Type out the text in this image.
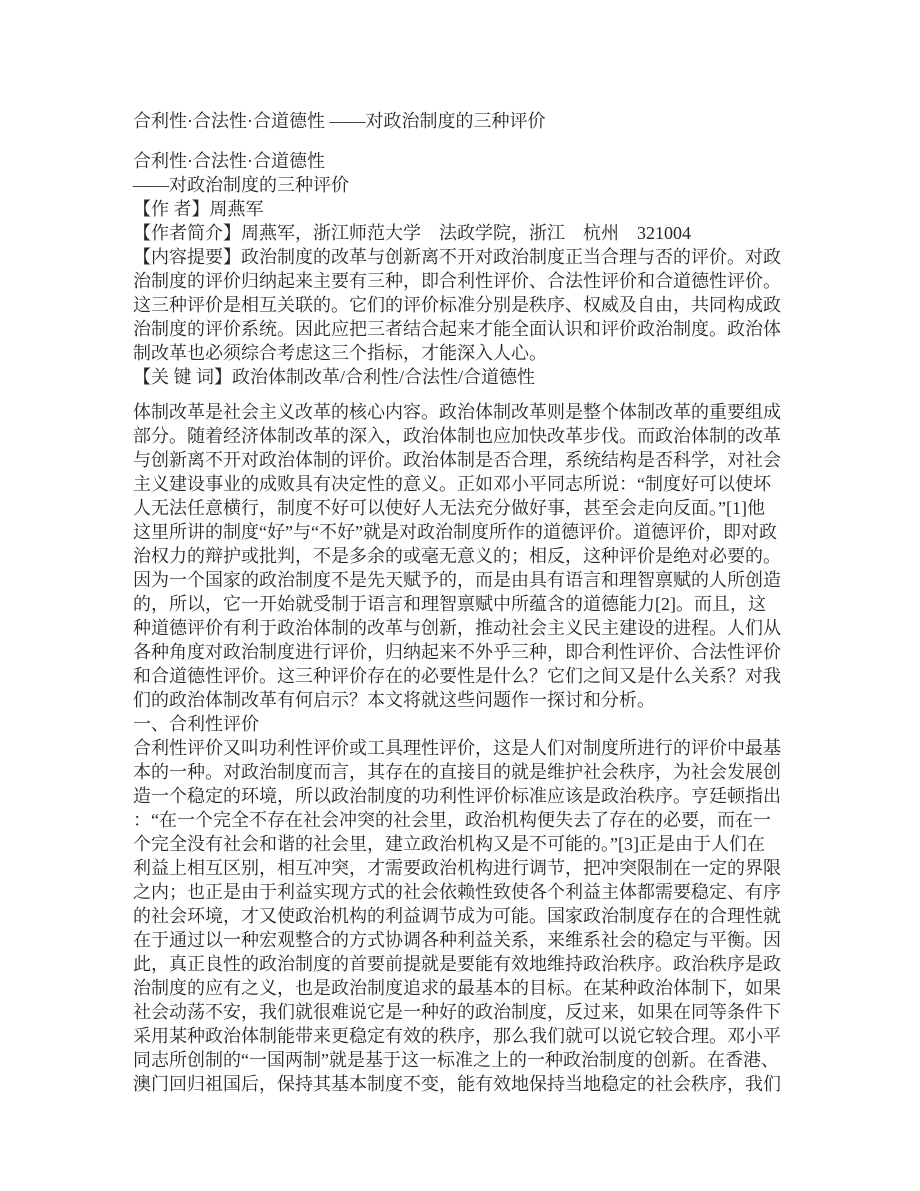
合利性·合法性·合道德性 ——对政治制度的三种评价
合利性·合法性·合道德性
——对政治制度的三种评价
【作 者】周燕军
【作者简介】周燕军，浙江师范大学　法政学院，浙江　杭州　321004
【内容提要】政治制度的改革与创新离不开对政治制度正当合理与否的评价。对政
治制度的评价归纳起来主要有三种，即合利性评价、合法性评价和合道德性评价。
这三种评价是相互关联的。它们的评价标准分别是秩序、权威及自由，共同构成政
治制度的评价系统。因此应把三者结合起来才能全面认识和评价政治制度。政治体
制改革也必须综合考虑这三个指标，才能深入人心。
【关 键 词】政治体制改革/合利性/合法性/合道德性
体制改革是社会主义改革的核心内容。政治体制改革则是整个体制改革的重要组成
部分。随着经济体制改革的深入，政治体制也应加快改革步伐。而政治体制的改革
与创新离不开对政治体制的评价。政治体制是否合理，系统结构是否科学，对社会
主义建设事业的成败具有决定性的意义。正如邓小平同志所说：“制度好可以使坏
人无法任意横行，制度不好可以使好人无法充分做好事，甚至会走向反面。”[1]他
这里所讲的制度“好”与“不好”就是对政治制度所作的道德评价。道德评价，即对政
治权力的辩护或批判，不是多余的或毫无意义的；相反，这种评价是绝对必要的。
因为一个国家的政治制度不是先天赋予的，而是由具有语言和理智禀赋的人所创造
的，所以，它一开始就受制于语言和理智禀赋中所蕴含的道德能力[2]。而且，这
种道德评价有利于政治体制的改革与创新，推动社会主义民主建设的进程。人们从
各种角度对政治制度进行评价，归纳起来不外乎三种，即合利性评价、合法性评价
和合道德性评价。这三种评价存在的必要性是什么？它们之间又是什么关系？对我
们的政治体制改革有何启示？本文将就这些问题作一探讨和分析。
一、合利性评价
合利性评价又叫功利性评价或工具理性评价，这是人们对制度所进行的评价中最基
本的一种。对政治制度而言，其存在的直接目的就是维护社会秩序，为社会发展创
造一个稳定的环境，所以政治制度的功利性评价标准应该是政治秩序。亨廷顿指出
：“在一个完全不存在社会冲突的社会里，政治机构便失去了存在的必要，而在一
个完全没有社会和谐的社会里，建立政治机构又是不可能的。”[3]正是由于人们在
利益上相互区别，相互冲突，才需要政治机构进行调节，把冲突限制在一定的界限
之内；也正是由于利益实现方式的社会依赖性致使各个利益主体都需要稳定、有序
的社会环境，才又使政治机构的利益调节成为可能。国家政治制度存在的合理性就
在于通过以一种宏观整合的方式协调各种利益关系，来维系社会的稳定与平衡。因
此，真正良性的政治制度的首要前提就是要能有效地维持政治秩序。政治秩序是政
治制度的应有之义，也是政治制度追求的最基本的目标。在某种政治体制下，如果
社会动荡不安，我们就很难说它是一种好的政治制度，反过来，如果在同等条件下
采用某种政治体制能带来更稳定有效的秩序，那么我们就可以说它较合理。邓小平
同志所创制的“一国两制”就是基于这一标准之上的一种政治制度的创新。在香港、
澳门回归祖国后，保持其基本制度不变，能有效地保持当地稳定的社会秩序，我们
